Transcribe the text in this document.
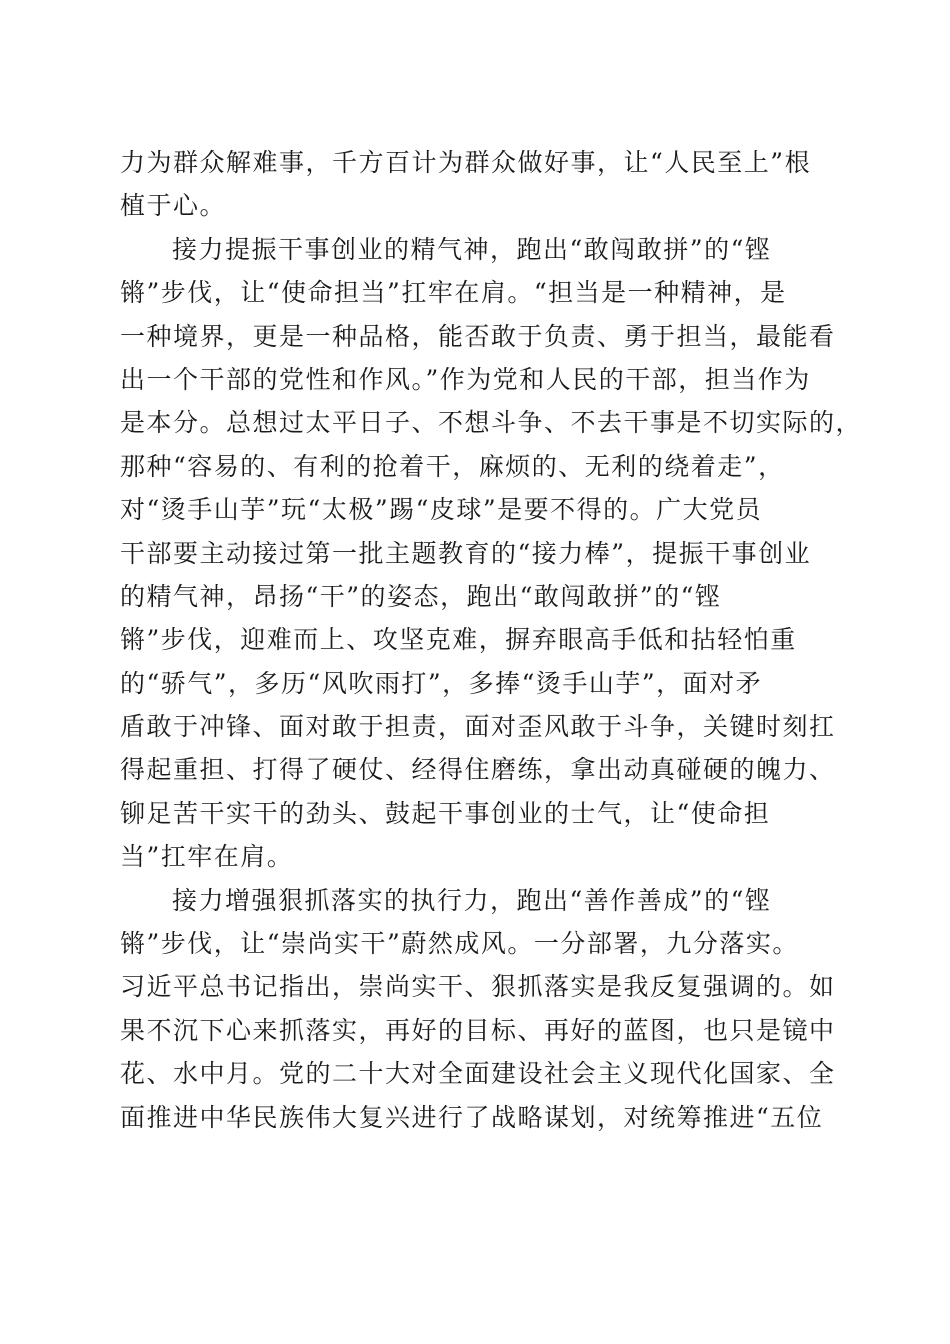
力为群众解难事，千方百计为群众做好事，让“人民至上”根
植于心。
接力提振干事创业的精气神，跑出“敢闯敢拼”的“铿
锵”步伐，让“使命担当”扛牢在肩。“担当是一种精神，是
一种境界，更是一种品格，能否敢于负责、勇于担当，最能看
出一个干部的党性和作风。”作为党和人民的干部，担当作为
是本分。总想过太平日子、不想斗争、不去干事是不切实际的，
那种“容易的、有利的抢着干，麻烦的、无利的绕着走”，
对“烫手山芋”玩“太极”踢“皮球”是要不得的。广大党员
干部要主动接过第一批主题教育的“接力棒”，提振干事创业
的精气神，昂扬“干”的姿态，跑出“敢闯敢拼”的“铿
锵”步伐，迎难而上、攻坚克难，摒弃眼高手低和拈轻怕重
的“骄气”，多历“风吹雨打”，多捧“烫手山芋”，面对矛
盾敢于冲锋、面对敢于担责，面对歪风敢于斗争，关键时刻扛
得起重担、打得了硬仗、经得住磨练，拿出动真碰硬的魄力、
铆足苦干实干的劲头、鼓起干事创业的士气，让“使命担
当”扛牢在肩。
接力增强狠抓落实的执行力，跑出“善作善成”的“铿
锵”步伐，让“崇尚实干”蔚然成风。一分部署，九分落实。
习近平总书记指出，崇尚实干、狠抓落实是我反复强调的。如
果不沉下心来抓落实，再好的目标、再好的蓝图，也只是镜中
花、水中月。党的二十大对全面建设社会主义现代化国家、全
面推进中华民族伟大复兴进行了战略谋划，对统筹推进“五位
